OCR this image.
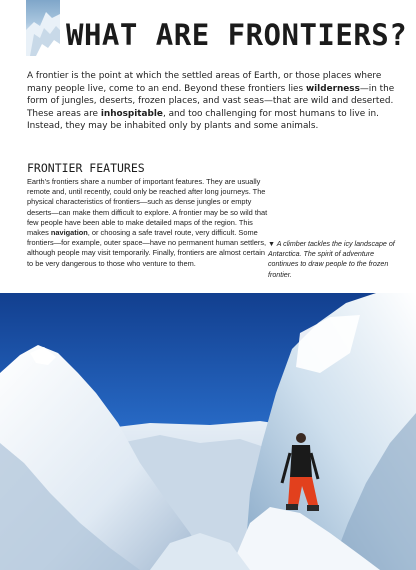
WHAT ARE FRONTIERS?

A frontier is the point at which the settled areas of Earth, or those places where many people live, come to an end. Beyond these frontiers lies wilderness—in the form of jungles, deserts, frozen places, and vast seas—that are wild and deserted. These areas are inhospitable, and too challenging for most humans to live in. Instead, they may be inhabited only by plants and some animals.

FRONTIER FEATURES

Earth's frontiers share a number of important features. They are usually remote and, until recently, could only be reached after long journeys. The physical characteristics of frontiers—such as dense jungles or empty deserts—can make them difficult to explore. A frontier may be so wild that few people have been able to make detailed maps of the region. This makes navigation, or choosing a safe travel route, very difficult. Some frontiers—for example, outer space—have no permanent human settlers, although people may visit temporarily. Finally, frontiers are almost certain to be very dangerous to those who venture to them.

▼ A climber tackles the icy landscape of Antarctica. The spirit of adventure continues to draw people to the frozen frontier.
